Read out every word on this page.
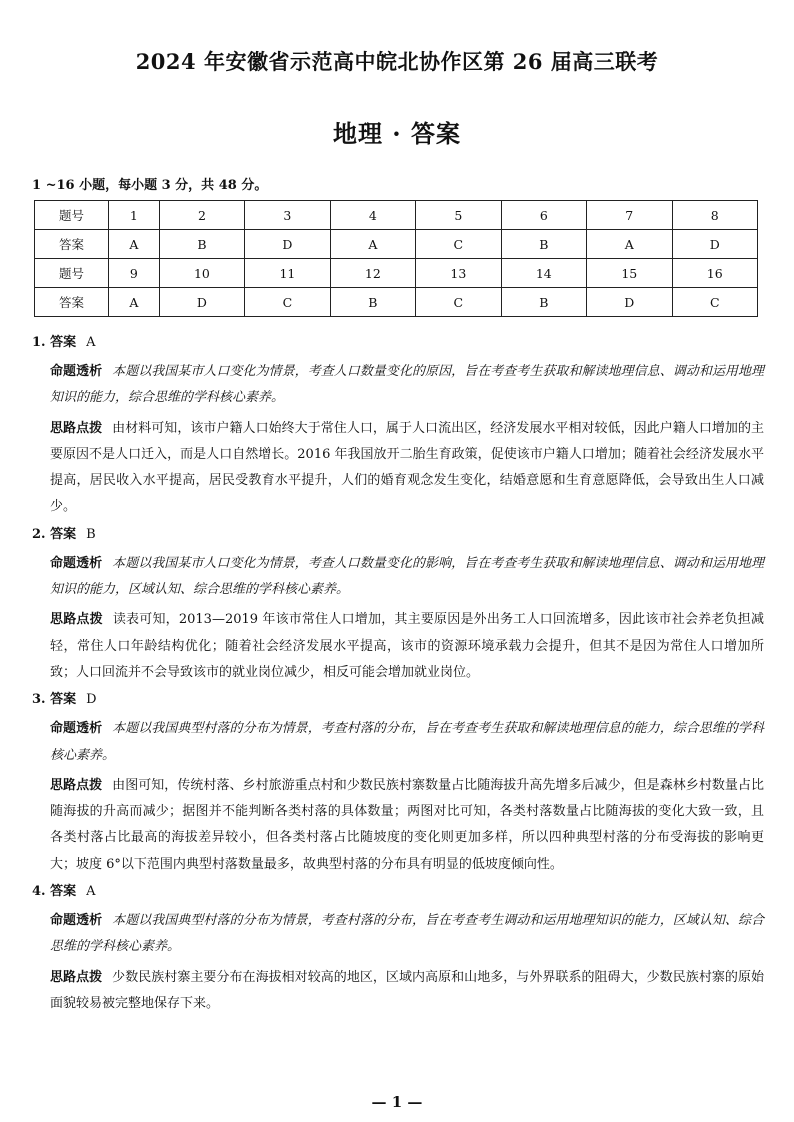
2024 年安徽省示范高中皖北协作区第 26 届高三联考
地理 · 答案
1 ~16 小题，每小题 3 分，共 48 分。
题号	1	2	3	4	5	6	7	8
答案	A	B	D	A	C	B	A	D
题号	9	10	11	12	13	14	15	16
答案	A	D	C	B	C	B	D	C
1. 答案 A

命题透析 本题以我国某市人口变化为情景，考查人口数量变化的原因，旨在考查考生获取和解读地理信息、调动和运用地理知识的能力，综合思维的学科核心素养。

思路点拨 由材料可知，该市户籍人口始终大于常住人口，属于人口流出区，经济发展水平相对较低，因此户籍人口增加的主要原因不是人口迁入，而是人口自然增长。2016 年我国放开二胎生育政策，促使该市户籍人口增加；随着社会经济发展水平提高，居民收入水平提高，居民受教育水平提升，人们的婚育观念发生变化，结婚意愿和生育意愿降低，会导致出生人口减少。

2. 答案 B

命题透析 本题以我国某市人口变化为情景，考查人口数量变化的影响，旨在考查考生获取和解读地理信息、调动和运用地理知识的能力，区域认知、综合思维的学科核心素养。

思路点拨 读表可知，2013—2019 年该市常住人口增加，其主要原因是外出务工人口回流增多，因此该市社会养老负担减轻，常住人口年龄结构优化；随着社会经济发展水平提高，该市的资源环境承载力会提升，但其不是因为常住人口增加所致；人口回流并不会导致该市的就业岗位减少，相反可能会增加就业岗位。

3. 答案 D

命题透析 本题以我国典型村落的分布为情景，考查村落的分布，旨在考查考生获取和解读地理信息的能力，综合思维的学科核心素养。

思路点拨 由图可知，传统村落、乡村旅游重点村和少数民族村寨数量占比随海拔升高先增多后减少，但是森林乡村数量占比随海拔的升高而减少；据图并不能判断各类村落的具体数量；两图对比可知，各类村落数量占比随海拔的变化大致一致，且各类村落占比最高的海拔差异较小，但各类村落占比随坡度的变化则更加多样，所以四种典型村落的分布受海拔的影响更大；坡度 6°以下范围内典型村落数量最多，故典型村落的分布具有明显的低坡度倾向性。

4. 答案 A

命题透析 本题以我国典型村落的分布为情景，考查村落的分布，旨在考查考生调动和运用地理知识的能力，区域认知、综合思维的学科核心素养。

思路点拨 少数民族村寨主要分布在海拔相对较高的地区，区域内高原和山地多，与外界联系的阻碍大，少数民族村寨的原始面貌较易被完整地保存下来。

— 1 —
